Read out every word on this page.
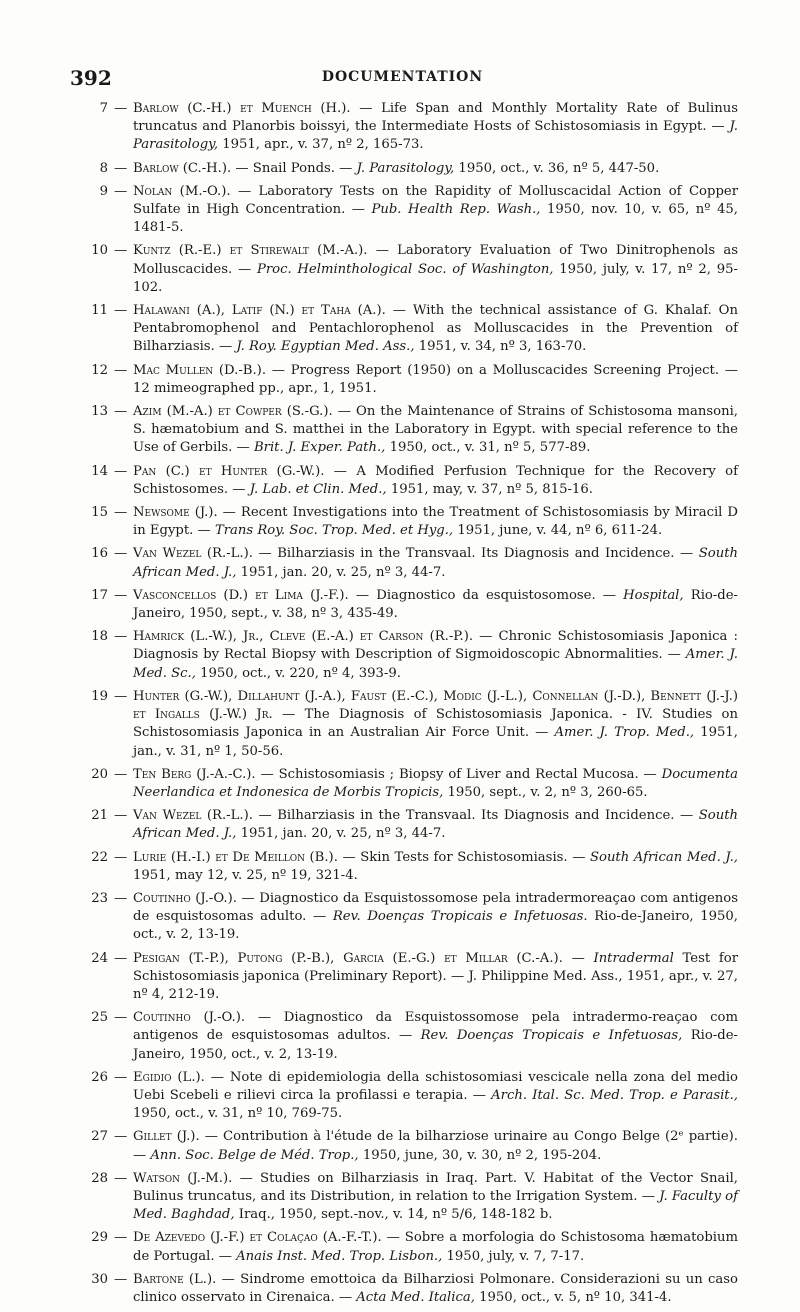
392	DOCUMENTATION
7 — Barlow (C.-H.) et Muench (H.). — Life Span and Monthly Mortality Rate of Bulinus truncatus and Planorbis boissyi, the Intermediate Hosts of Schistosomiasis in Egypt. — J. Parasitology, 1951, apr., v. 37, nº 2, 165-73.
8 — Barlow (C.-H.). — Snail Ponds. — J. Parasitology, 1950, oct., v. 36, nº 5, 447-50.
9 — Nolan (M.-O.). — Laboratory Tests on the Rapidity of Molluscacidal Action of Copper Sulfate in High Concentration. — Pub. Health Rep. Wash., 1950, nov. 10, v. 65, nº 45, 1481-5.
10 — Kuntz (R.-E.) et Stirewalt (M.-A.). — Laboratory Evaluation of Two Dinitrophenols as Molluscacides. — Proc. Helminthological Soc. of Washington, 1950, july, v. 17, nº 2, 95-102.
11 — Halawani (A.), Latif (N.) et Taha (A.). — With the technical assistance of G. Khalaf. On Pentabromophenol and Pentachlorophenol as Molluscacides in the Prevention of Bilharziasis. — J. Roy. Egyptian Med. Ass., 1951, v. 34, nº 3, 163-70.
12 — Mac Mullen (D.-B.). — Progress Report (1950) on a Molluscacides Screening Project. — 12 mimeographed pp., apr., 1, 1951.
13 — Azim (M.-A.) et Cowper (S.-G.). — On the Maintenance of Strains of Schistosoma mansoni, S. hæmatobium and S. matthei in the Laboratory in Egypt. with special reference to the Use of Gerbils. — Brit. J. Exper. Path., 1950, oct., v. 31, nº 5, 577-89.
14 — Pan (C.) et Hunter (G.-W.). — A Modified Perfusion Technique for the Recovery of Schistosomes. — J. Lab. et Clin. Med., 1951, may, v. 37, nº 5, 815-16.
15 — Newsome (J.). — Recent Investigations into the Treatment of Schistosomiasis by Miracil D in Egypt. — Trans Roy. Soc. Trop. Med. et Hyg., 1951, june, v. 44, nº 6, 611-24.
16 — Van Wezel (R.-L.). — Bilharziasis in the Transvaal. Its Diagnosis and Incidence. — South African Med. J., 1951, jan. 20, v. 25, nº 3, 44-7.
17 — Vasconcellos (D.) et Lima (J.-F.). — Diagnostico da esquistosomose. — Hospital, Rio-de-Janeiro, 1950, sept., v. 38, nº 3, 435-49.
18 — Hamrick (L.-W.), Jr., Cleve (E.-A.) et Carson (R.-P.). — Chronic Schistosomiasis Japonica : Diagnosis by Rectal Biopsy with Description of Sigmoidoscopic Abnormalities. — Amer. J. Med. Sc., 1950, oct., v. 220, nº 4, 393-9.
19 — Hunter (G.-W.), Dillahunt (J.-A.), Faust (E.-C.), Modic (J.-L.), Connellan (J.-D.), Bennett (J.-J.) et Ingalls (J.-W.) Jr. — The Diagnosis of Schistosomiasis Japonica. - IV. Studies on Schistosomiasis Japonica in an Australian Air Force Unit. — Amer. J. Trop. Med., 1951, jan., v. 31, nº 1, 50-56.
20 — Ten Berg (J.-A.-C.). — Schistosomiasis ; Biopsy of Liver and Rectal Mucosa. — Documenta Neerlandica et Indonesica de Morbis Tropicis, 1950, sept., v. 2, nº 3, 260-65.
21 — Van Wezel (R.-L.). — Bilharziasis in the Transvaal. Its Diagnosis and Incidence. — South African Med. J., 1951, jan. 20, v. 25, nº 3, 44-7.
22 — Lurie (H.-I.) et De Meillon (B.). — Skin Tests for Schistosomiasis. — South African Med. J., 1951, may 12, v. 25, nº 19, 321-4.
23 — Coutinho (J.-O.). — Diagnostico da Esquistossomose pela intradermoreaçao com antigenos de esquistosomas adulto. — Rev. Doenças Tropicais e Infetuosas. Rio-de-Janeiro, 1950, oct., v. 2, 13-19.
24 — Pesigan (T.-P.), Putong (P.-B.), Garcia (E.-G.) et Millar (C.-A.). — Intradermal Test for Schistosomiasis japonica (Preliminary Report). — J. Philippine Med. Ass., 1951, apr., v. 27, nº 4, 212-19.
25 — Coutinho (J.-O.). — Diagnostico da Esquistossomose pela intradermo-reaçao com antigenos de esquistosomas adultos. — Rev. Doenças Tropicais e Infetuosas, Rio-de-Janeiro, 1950, oct., v. 2, 13-19.
26 — Egidio (L.). — Note di epidemiologia della schistosomiasi vescicale nella zona del medio Uebi Scebeli e rilievi circa la profilassi e terapia. — Arch. Ital. Sc. Med. Trop. e Parasit., 1950, oct., v. 31, nº 10, 769-75.
27 — Gillet (J.). — Contribution à l'étude de la bilharziose urinaire au Congo Belge (2ᵉ partie). — Ann. Soc. Belge de Méd. Trop., 1950, june, 30, v. 30, nº 2, 195-204.
28 — Watson (J.-M.). — Studies on Bilharziasis in Iraq. Part. V. Habitat of the Vector Snail, Bulinus truncatus, and its Distribution, in relation to the Irrigation System. — J. Faculty of Med. Baghdad, Iraq., 1950, sept.-nov., v. 14, nº 5/6, 148-182 b.
29 — De Azevedo (J.-F.) et Colaçao (A.-F.-T.). — Sobre a morfologia do Schistosoma hæmatobium de Portugal. — Anais Inst. Med. Trop. Lisbon., 1950, july, v. 7, 7-17.
30 — Bartone (L.). — Sindrome emottoica da Bilharziosi Polmonare. Considerazioni su un caso clinico osservato in Cirenaica. — Acta Med. Italica, 1950, oct., v. 5, nº 10, 341-4.
